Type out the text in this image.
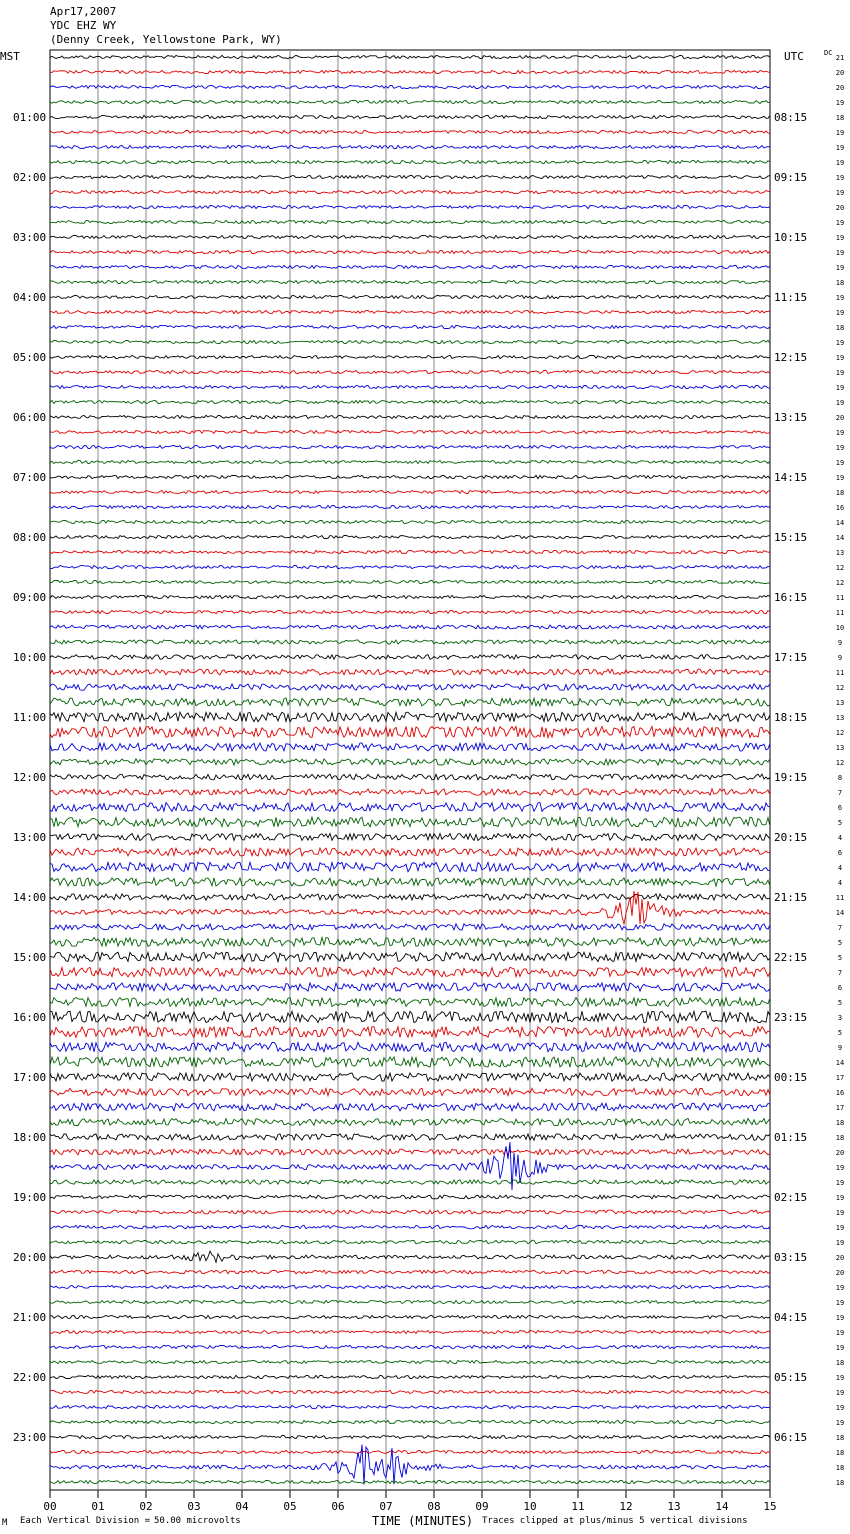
Apr17,2007
YDC EHZ WY
(Denny Creek, Yellowstone Park, WY)
MST	UTC	DC
00	01	02	03	04	05	06	07	08	09	10	11	12	13	14	15
21
20
20
19
18
19
19
19
19
19
20
19
19
19
19
18
19
19
18
19
19
19
19
19
20
19
19
19
19
18
16
14
14
13
12
12
11
11
10
9
9
11
12
13
13
12
13
12
8
7
6
5
4
6
4
4
11
14
7
5
5
7
6
5
3
5
9
14
17
16
17
18
18
20
19
19
19
19
19
19
20
20
19
19
19
19
19
18
19
19
19
19
18
18
18
18
01:00
02:00
03:00
04:00
05:00
06:00
07:00
08:00
09:00
10:00
11:00
12:00
13:00
14:00
15:00
16:00
17:00
18:00
19:00
20:00
21:00
22:00
23:00
08:15
09:15
10:15
11:15
12:15
13:15
14:15
15:15
16:15
17:15
18:15
19:15
20:15
21:15
22:15
23:15
00:15
01:15
02:15
03:15
04:15
05:15
06:15
M Each Vertical Division = 50.00 microvolts	TIME (MINUTES) Traces clipped at plus/minus 5 vertical divisions
